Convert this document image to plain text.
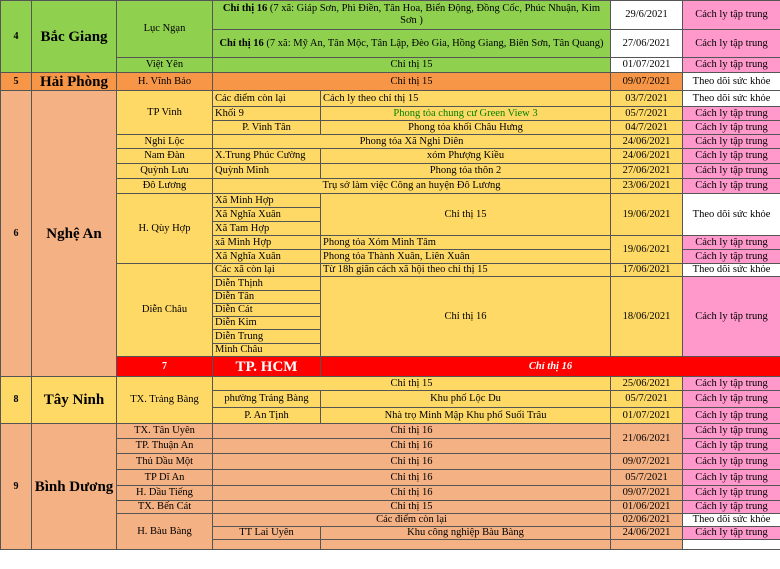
4	Bắc Giang	Lục Ngạn	Chỉ thị 16 (7 xã: Giáp Sơn, Phì Điền, Tân Hoa, Biển Động, Đồng Cốc, Phúc Nhuận, Kim Sơn )		29/6/2021	Cách ly tập trung	
			Chỉ thị 16 (7 xã: Mỹ An, Tân Mộc, Tân Lập, Đèo Gia, Hồng Giang, Biên Sơn, Tân Quang)		27/06/2021	Cách ly tập trung	
		Việt Yên	Chỉ thị 15		01/07/2021	Cách ly tập trung	
5	Hải Phòng	H. Vĩnh Bảo	Chỉ thị 15		09/07/2021	Theo dõi sức khỏe	
6	Nghệ An	TP Vinh	Các điểm còn lại	Cách ly theo chỉ thị 15	03/7/2021	Theo dõi sức khỏe	
			Khối 9	Phong tỏa chung cư Green View 3	05/7/2021	Cách ly tập trung	
			P. Vinh Tân	Phong tỏa khối Châu Hưng	04/7/2021	Cách ly tập trung	
		Nghi Lộc	Phong tỏa Xã Nghi Diên		24/06/2021	Cách ly tập trung	
		Nam Đàn	X.Trung Phúc Cường	xóm Phượng Kiều	24/06/2021	Cách ly tập trung	
		Quỳnh Lưu	Quỳnh Minh	Phong tỏa thôn 2	27/06/2021	Cách ly tập trung	
		Đô Lương	Trụ sở làm việc Công an huyện Đô Lương		23/06/2021	Cách ly tập trung	
		H. Qùy Hợp	Xã Minh Hợp	Chỉ thị 15	19/06/2021	Theo dõi sức khỏe	
			Xã Nghĩa Xuân				
			Xã Tam Hợp				
			xã Minh Hợp	Phong tỏa Xóm Minh Tâm	19/06/2021	Cách ly tập trung	
			Xã Nghĩa Xuân	Phong tỏa Thành Xuân, Liên Xuân		Cách ly tập trung	
		Diễn Châu	Các xã còn lại	Từ 18h giãn cách xã hội theo chỉ thị 15	17/06/2021	Theo dõi sức khỏe	
			Diễn Thịnh	Chỉ thị 16	18/06/2021	Cách ly tập trung	
			Diễn Tân				
			Diễn Cát				
			Diễn Kim				
			Diễn Trung				
			Minh Châu				
		7	TP. HCM	Chỉ thị 16		
8	Tây Ninh	TX. Trảng Bàng	Chỉ thị 15		25/06/2021	Cách ly tập trung	
			phường Trảng Bàng	Khu phố Lộc Du	05/7/2021	Cách ly tập trung	
			P. An Tịnh	Nhà trọ Minh Mập Khu phố Suối Trâu	01/07/2021	Cách ly tập trung	
9	Bình Dương	TX. Tân Uyên	Chỉ thị 16		21/06/2021	Cách ly tập trung	
		TP. Thuận An	Chỉ thị 16			Cách ly tập trung	
		Thủ Dầu Một	Chỉ thị 16		09/07/2021	Cách ly tập trung	
		TP Dĩ An	Chỉ thị 16		05/7/2021	Cách ly tập trung	
		H. Dầu Tiếng	Chỉ thị 16		09/07/2021	Cách ly tập trung	
		TX. Bến Cát	Chỉ thị 15		01/06/2021	Cách ly tập trung	
		H. Bàu Bàng	Các điểm còn lại		02/06/2021	Theo dõi sức khỏe	
			TT Lai Uyên	Khu công nghiệp Bàu Bàng	24/06/2021	Cách ly tập trung	
